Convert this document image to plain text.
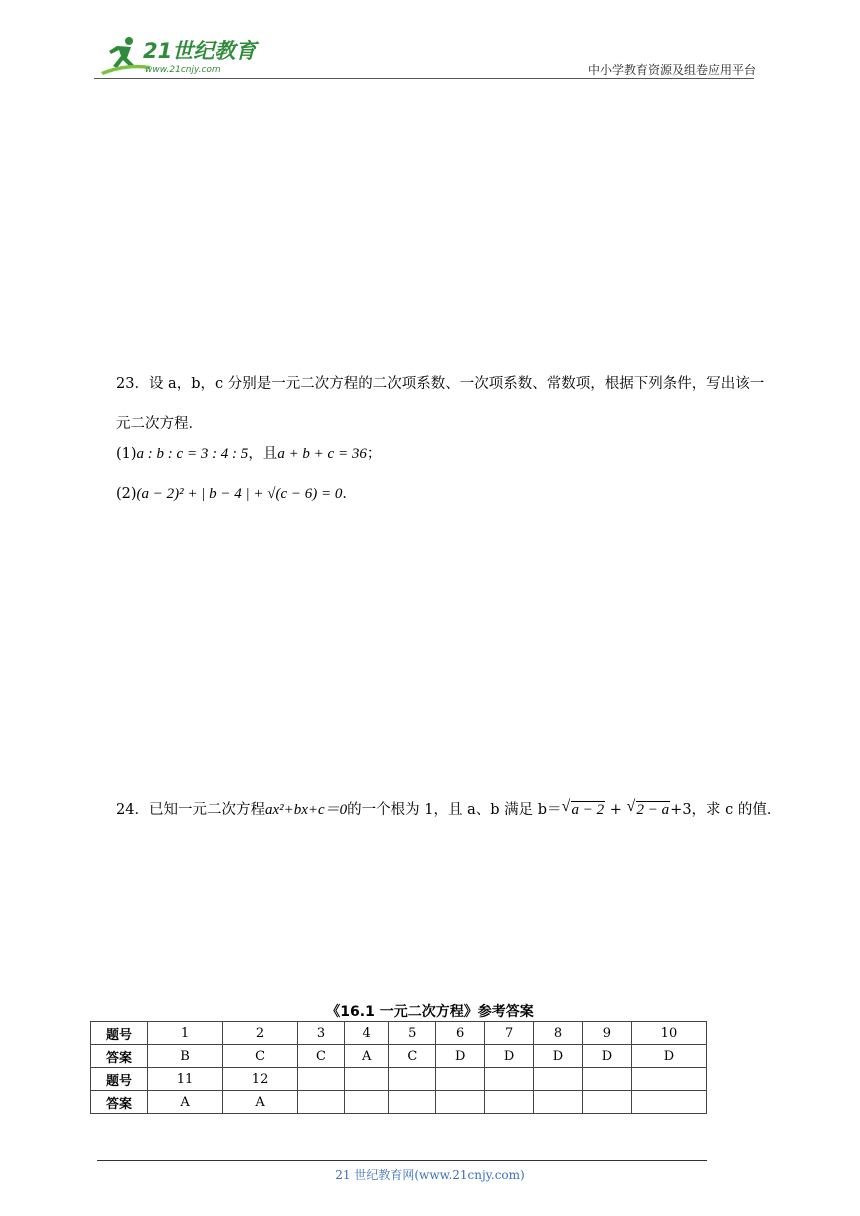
21世纪教育
www.21cnjy.com	中小学教育资源及组卷应用平台
23．设 a，b，c 分别是一元二次方程的二次项系数、一次项系数、常数项，根据下列条件，写出该一
元二次方程．
(1)a : b : c = 3 : 4 : 5，且a + b + c = 36；
(2)(a − 2)² + | b − 4 | + √(c − 6) = 0．
24．已知一元二次方程ax²+bx+c＝0的一个根为 1，且 a、b 满足 b＝ √ a − 2 + √ 2 − a+3，求 c 的值．
《16.1 一元二次方程》参考答案
题号	1	2	3	4	5	6	7	8	9	10
答案	B	C	C	A	C	D	D	D	D	D
题号	11	12								
答案	A	A								
21 世纪教育网(www.21cnjy.com)
